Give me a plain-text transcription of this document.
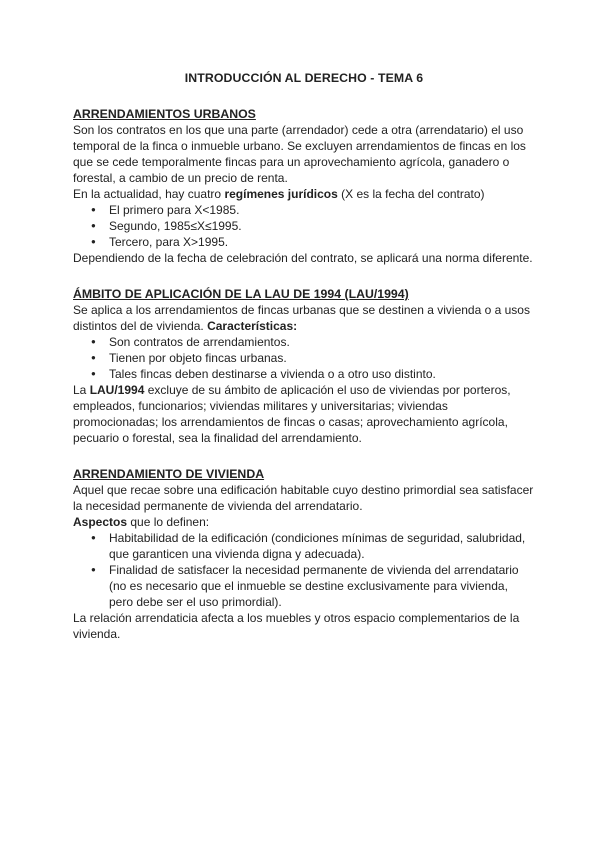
INTRODUCCIÓN AL DERECHO - TEMA 6
ARRENDAMIENTOS URBANOS

Son los contratos en los que una parte (arrendador) cede a otra (arrendatario) el uso temporal de la finca o inmueble urbano. Se excluyen arrendamientos de fincas en los que se cede temporalmente fincas para un aprovechamiento agrícola, ganadero o forestal, a cambio de un precio de renta.

En la actualidad, hay cuatro regímenes jurídicos (X es la fecha del contrato)

● El primero para X<1985.
● Segundo, 1985≤X≤1995.
● Tercero, para X>1995.

Dependiendo de la fecha de celebración del contrato, se aplicará una norma diferente.

ÁMBITO DE APLICACIÓN DE LA LAU DE 1994 (LAU/1994)

Se aplica a los arrendamientos de fincas urbanas que se destinen a vivienda o a usos distintos del de vivienda. Características:

● Son contratos de arrendamientos.
● Tienen por objeto fincas urbanas.
● Tales fincas deben destinarse a vivienda o a otro uso distinto.

La LAU/1994 excluye de su ámbito de aplicación el uso de viviendas por porteros, empleados, funcionarios; viviendas militares y universitarias; viviendas promocionadas; los arrendamientos de fincas o casas; aprovechamiento agrícola, pecuario o forestal, sea la finalidad del arrendamiento.

ARRENDAMIENTO DE VIVIENDA

Aquel que recae sobre una edificación habitable cuyo destino primordial sea satisfacer la necesidad permanente de vivienda del arrendatario.

Aspectos que lo definen:

● Habitabilidad de la edificación (condiciones mínimas de seguridad, salubridad, que garanticen una vivienda digna y adecuada).
● Finalidad de satisfacer la necesidad permanente de vivienda del arrendatario (no es necesario que el inmueble se destine exclusivamente para vivienda, pero debe ser el uso primordial).

La relación arrendaticia afecta a los muebles y otros espacio complementarios de la vivienda.
